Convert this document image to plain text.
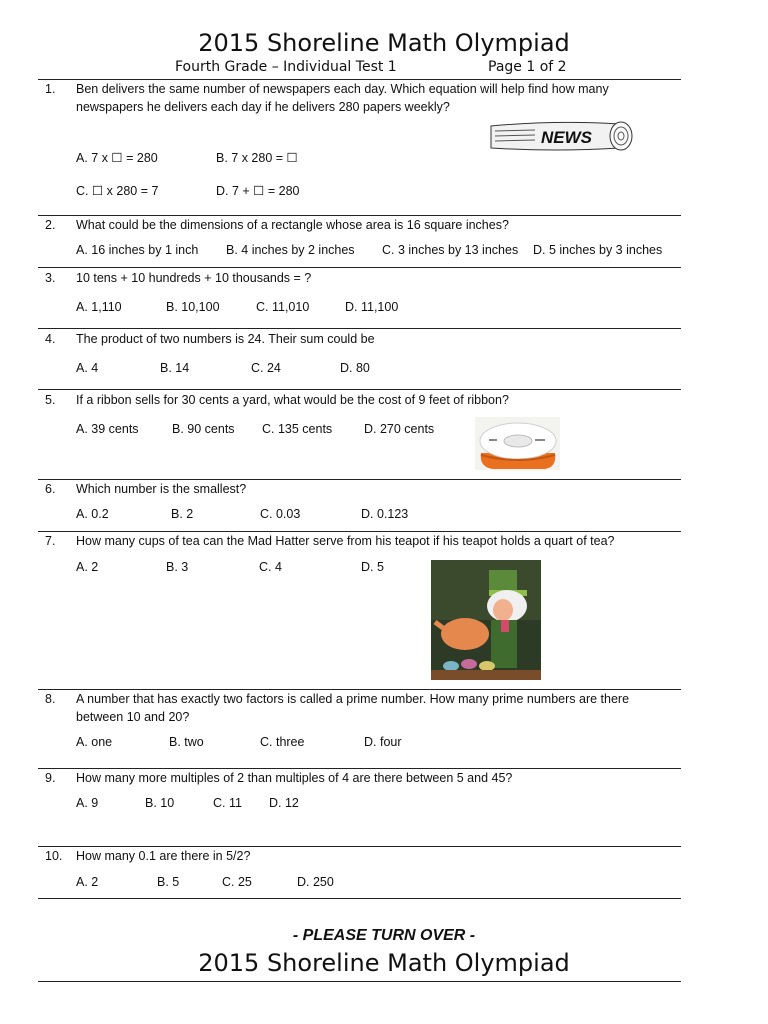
2015 Shoreline Math Olympiad
Fourth Grade – Individual Test 1	Page 1 of 2
1. Ben delivers the same number of newspapers each day. Which equation will help find how many newspapers he delivers each day if he delivers 280 papers weekly?
A. 7 x ☐ = 280	B. 7 x 280 = ☐
C. ☐ x 280 = 7	D. 7 + ☐ = 280
NEWS
2. What could be the dimensions of a rectangle whose area is 16 square inches?
A. 16 inches by 1 inch B. 4 inches by 2 inches C. 3 inches by 13 inches D. 5 inches by 3 inches
3. 10 tens + 10 hundreds + 10 thousands = ?
A. 1,110	B. 10,100	C. 11,010	D. 11,100
4. The product of two numbers is 24. Their sum could be
A. 4	B. 14	C. 24	D. 80
5. If a ribbon sells for 30 cents a yard, what would be the cost of 9 feet of ribbon?
A. 39 cents	B. 90 cents C. 135 cents	D. 270 cents
6. Which number is the smallest?
A. 0.2	B. 2	C. 0.03	D. 0.123
7. How many cups of tea can the Mad Hatter serve from his teapot if his teapot holds a quart of tea?
A. 2	B. 3	C. 4	D. 5
8. A number that has exactly two factors is called a prime number. How many prime numbers are there between 10 and 20?
A. one	B. two	C. three	D. four
9. How many more multiples of 2 than multiples of 4 are there between 5 and 45?
A. 9	B. 10	C. 11 D. 12
10. How many 0.1 are there in 5/2?
A. 2	B. 5	C. 25	D. 250
- PLEASE TURN OVER -
2015 Shoreline Math Olympiad
